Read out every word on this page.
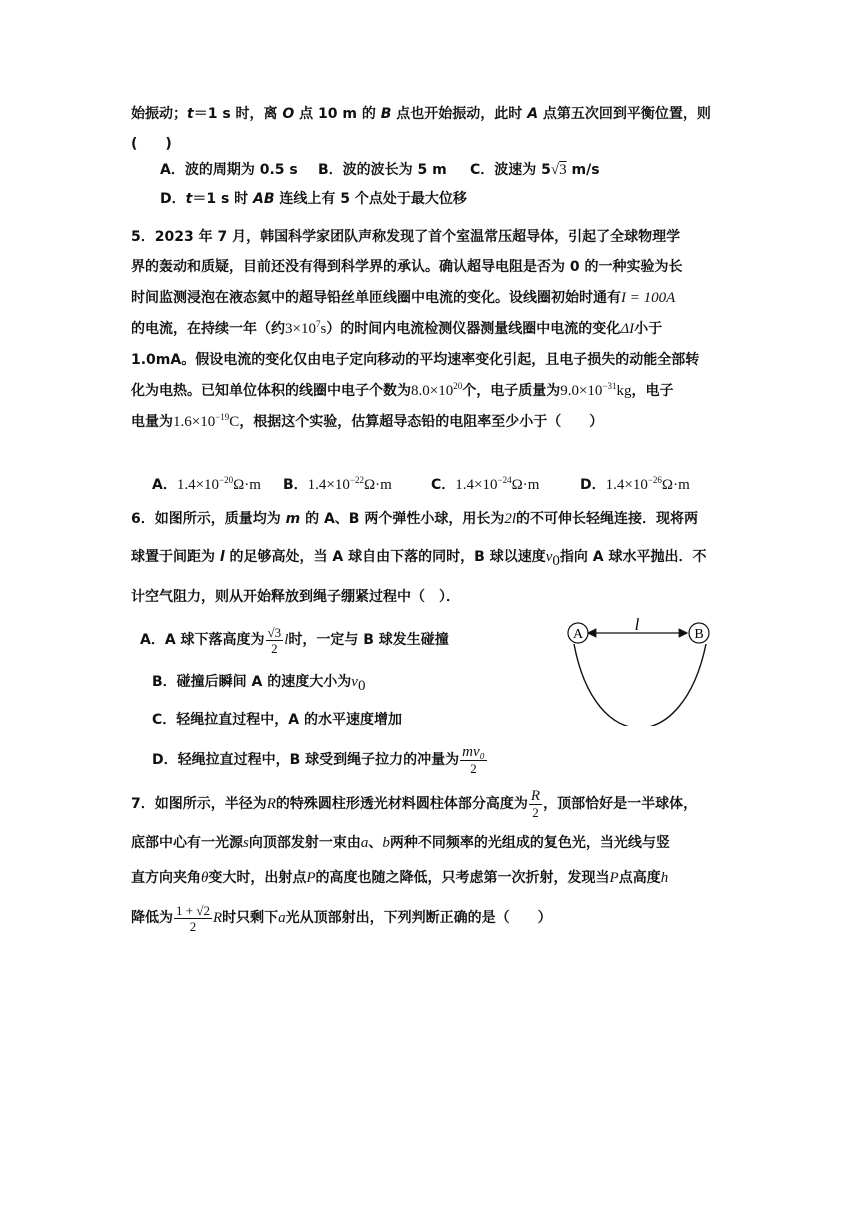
始振动；t＝1 s 时，离 O 点 10 m 的 B 点也开始振动，此时 A 点第五次回到平衡位置，则
(　　)
A．波的周期为 0.5 s B．波的波长为 5 m C．波速为 5√3 m/s
D．t＝1 s 时 AB 连线上有 5 个点处于最大位移
5．2023 年 7 月，韩国科学家团队声称发现了首个室温常压超导体，引起了全球物理学
界的轰动和质疑，目前还没有得到科学界的承认。确认超导电阻是否为 0 的一种实验为长
时间监测浸泡在液态氦中的超导铅丝单匝线圈中电流的变化。设线圈初始时通有I = 100A
的电流，在持续一年（约$3\times 10^7s$）的时间内电流检测仪器测量线圈中电流的变化ΔI小于
1.0mA。假设电流的变化仅由电子定向移动的平均速率变化引起，且电子损失的动能全部转
化为电热。已知单位体积的线圈中电子个数为$8.0\times 10^{20}$个，电子质量为$9.0\times 10^{-31}kg$，电子
电量为$1.6\times 10^{-19}C$，根据这个实验，估算超导态铅的电阻率至少小于（　　）
A．$1.4\times 10^{-20}\Omega\cdot m$ B．$1.4\times 10^{-22}\Omega\cdot m$	C．$1.4\times 10^{-24}\Omega\cdot m$	D．$1.4\times 10^{-26}\Omega\cdot m$
6．如图所示，质量均为 m 的 A、B 两个弹性小球，用长为2l的不可伸长轻绳连接．现将两
球置于间距为 l 的足够高处，当 A 球自由下落的同时，B 球以速度$v_0$指向 A 球水平抛出．不
计空气阻力，则从开始释放到绳子绷紧过程中（　）．
A．A 球下落高度为 $\frac{√3}{2}$ l时，一定与 B 球发生碰撞
B．碰撞后瞬间 A 的速度大小为$v_0$
C．轻绳拉直过程中，A 的水平速度增加
D．轻绳拉直过程中，B 球受到绳子拉力的冲量为 $\frac{\text{mv₀}}{2}$
A	B
l
7．如图所示，半径为R的特殊圆柱形透光材料圆柱体部分高度为 $\frac{R}{2}$ ，顶部恰好是一半球体，
底部中心有一光源s向顶部发射一束由a、b两种不同频率的光组成的复色光，当光线与竖
直方向夹角θ变大时，出射点P的高度也随之降低，只考虑第一次折射，发现当P点高度h
降低为 $\frac{1 + √2}{2}$ R时只剩下a光从顶部射出，下列判断正确的是（　　）
